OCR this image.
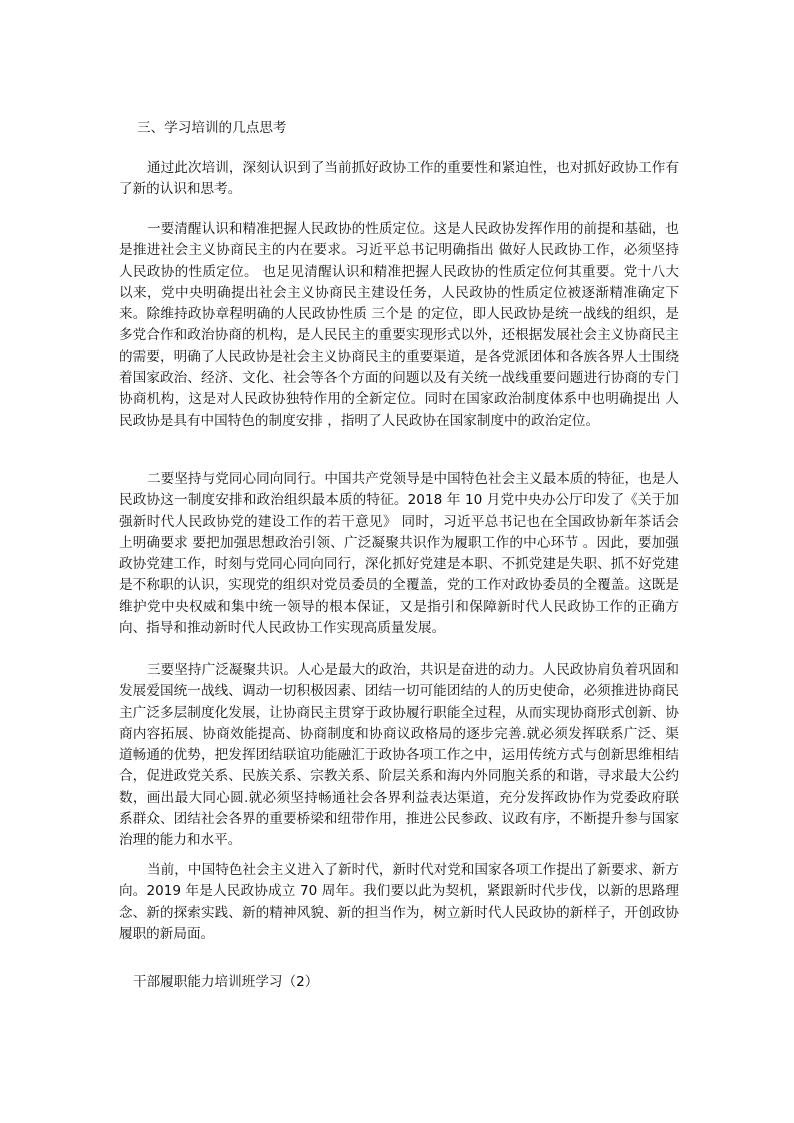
三、学习培训的几点思考

通过此次培训，深刻认识到了当前抓好政协工作的重要性和紧迫性，也对抓好政协工作有了新的认识和思考。

一要清醒认识和精准把握人民政协的性质定位。这是人民政协发挥作用的前提和基础，也是推进社会主义协商民主的内在要求。习近平总书记明确指出 做好人民政协工作，必须坚持人民政协的性质定位。 也足见清醒认识和精准把握人民政协的性质定位何其重要。党十八大以来，党中央明确提出社会主义协商民主建设任务，人民政协的性质定位被逐渐精准确定下来。除维持政协章程明确的人民政协性质 三个是 的定位，即人民政协是统一战线的组织，是多党合作和政治协商的机构，是人民民主的重要实现形式以外，还根据发展社会主义协商民主的需要，明确了人民政协是社会主义协商民主的重要渠道，是各党派团体和各族各界人士围绕着国家政治、经济、文化、社会等各个方面的问题以及有关统一战线重要问题进行协商的专门协商机构，这是对人民政协独特作用的全新定位。同时在国家政治制度体系中也明确提出 人民政协是具有中国特色的制度安排 ，指明了人民政协在国家制度中的政治定位。

二要坚持与党同心同向同行。中国共产党领导是中国特色社会主义最本质的特征，也是人民政协这一制度安排和政治组织最本质的特征。2018 年 10 月党中央办公厅印发了《关于加强新时代人民政协党的建设工作的若干意见》 同时，习近平总书记也在全国政协新年茶话会上明确要求 要把加强思想政治引领、广泛凝聚共识作为履职工作的中心环节 。因此，要加强政协党建工作，时刻与党同心同向同行，深化抓好党建是本职、不抓党建是失职、抓不好党建是不称职的认识，实现党的组织对党员委员的全覆盖，党的工作对政协委员的全覆盖。这既是维护党中央权威和集中统一领导的根本保证，又是指引和保障新时代人民政协工作的正确方向、指导和推动新时代人民政协工作实现高质量发展。

三要坚持广泛凝聚共识。人心是最大的政治，共识是奋进的动力。人民政协肩负着巩固和发展爱国统一战线、调动一切积极因素、团结一切可能团结的人的历史使命，必须推进协商民主广泛多层制度化发展，让协商民主贯穿于政协履行职能全过程，从而实现协商形式创新、协商内容拓展、协商效能提高、协商制度和协商议政格局的逐步完善.就必须发挥联系广泛、渠道畅通的优势，把发挥团结联谊功能融汇于政协各项工作之中，运用传统方式与创新思维相结合，促进政党关系、民族关系、宗教关系、阶层关系和海内外同胞关系的和谐，寻求最大公约数，画出最大同心圆.就必须坚持畅通社会各界利益表达渠道，充分发挥政协作为党委政府联系群众、团结社会各界的重要桥梁和纽带作用，推进公民参政、议政有序，不断提升参与国家治理的能力和水平。

当前，中国特色社会主义进入了新时代，新时代对党和国家各项工作提出了新要求、新方向。2019 年是人民政协成立 70 周年。我们要以此为契机，紧跟新时代步伐，以新的思路理念、新的探索实践、新的精神风貌、新的担当作为，树立新时代人民政协的新样子，开创政协履职的新局面。

干部履职能力培训班学习（2）
